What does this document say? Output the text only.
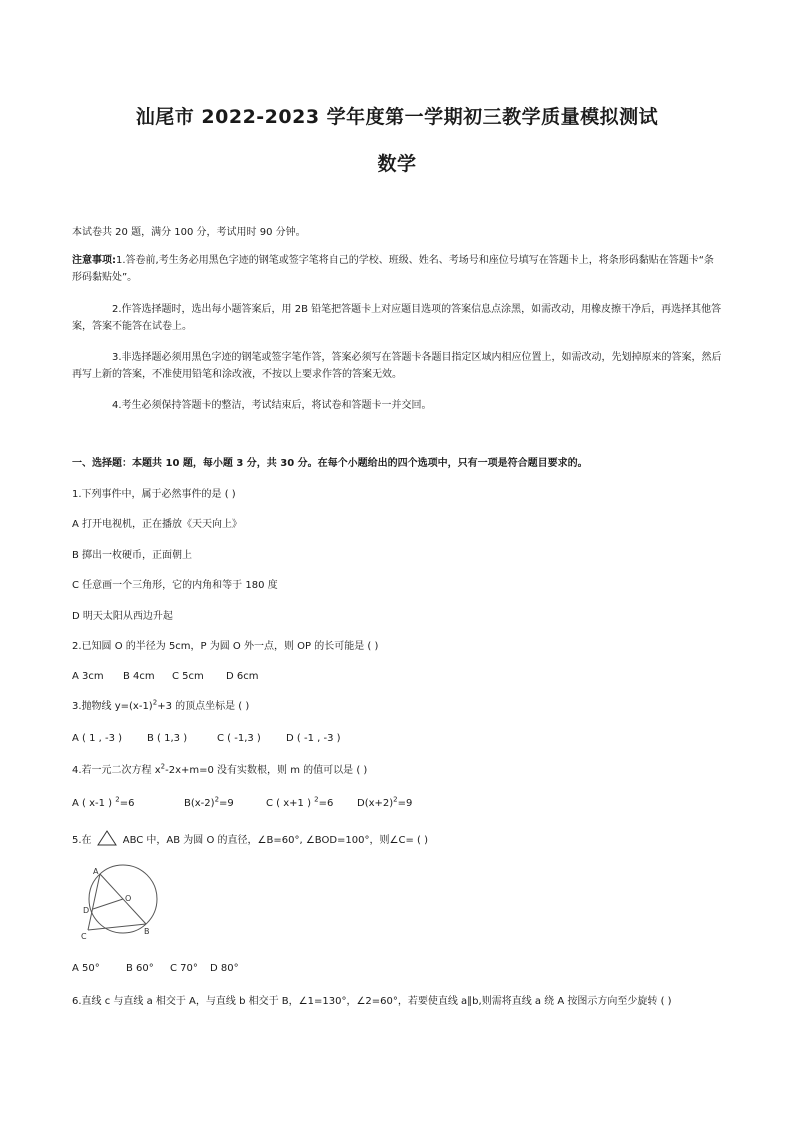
汕尾市 2022-2023 学年度第一学期初三教学质量模拟测试
数学
本试卷共 20 题，满分 100 分，考试用时 90 分钟。
注意事项:1.答卷前,考生务必用黑色字迹的钢笔或签字笔将自己的学校、班级、姓名、考场号和座位号填写在答题卡上，将条形码黏贴在答题卡“条
形码黏贴处”。
2.作答选择题时，选出每小题答案后，用 2B 铅笔把答题卡上对应题目选项的答案信息点涂黑，如需改动，用橡皮擦干净后，再选择其他答
案，答案不能答在试卷上。
3.非选择题必须用黑色字迹的钢笔或签字笔作答，答案必须写在答题卡各题目指定区域内相应位置上，如需改动，先划掉原来的答案，然后
再写上新的答案，不准使用铅笔和涂改液，不按以上要求作答的答案无效。
4.考生必须保持答题卡的整洁，考试结束后，将试卷和答题卡一并交回。
一、选择题：本题共 10 题，每小题 3 分，共 30 分。在每个小题给出的四个选项中，只有一项是符合题目要求的。
1.下列事件中，属于必然事件的是 ( )
A 打开电视机，正在播放《天天向上》
B 掷出一枚硬币，正面朝上
C 任意画一个三角形，它的内角和等于 180 度
D 明天太阳从西边升起
2.已知圆 O 的半径为 5cm，P 为圆 O 外一点，则 OP 的长可能是 ( )
A 3cm B 4cm C 5cm D 6cm
3.抛物线 $y=(x-1)^2+3$ 的顶点坐标是 ( )
A ( 1 , -3 ) B ( 1,3 )	C ( -1,3 )	D ( -1 , -3 )
4.若一元二次方程 $x^2-2x+m=0$ 没有实数根，则 m 的值可以是 ( )
A ( x-1 ) $^2$=6	$B(x-2)^2=9$	C ( x+1 ) $^2$=6 $D(x+2)^2=9$
5.在	ABC 中，AB 为圆 O 的直径，∠B=60°, ∠BOD=100°，则∠C= ( )
A
O
D
C
B
A 50°	B 60° C 70° D 80°
6.直线 c 与直线 a 相交于 A，与直线 b 相交于 B，∠1=130°，∠2=60°，若要使直线 a∥b,则需将直线 a 绕 A 按图示方向至少旋转 ( )
